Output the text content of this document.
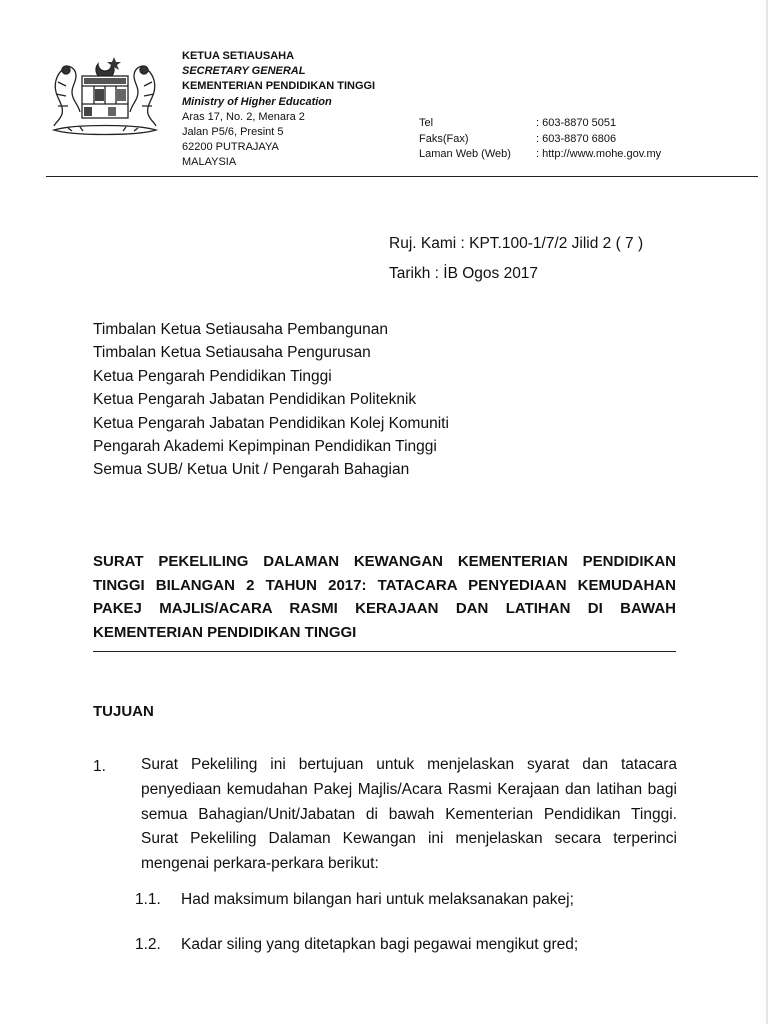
KETUA SETIAUSAHA
SECRETARY GENERAL
KEMENTERIAN PENDIDIKAN TINGGI
Ministry of Higher Education
Aras 17, No. 2, Menara 2
Jalan P5/6, Presint 5
62200 PUTRAJAYA
MALAYSIA
Tel	: 603-8870 5051
Faks(Fax)	: 603-8870 6806
Laman Web (Web)	: http://www.mohe.gov.my
Ruj. Kami : KPT.100-1/7/2 Jilid 2 ( 7 )
Tarikh : İB Ogos 2017
Timbalan Ketua Setiausaha Pembangunan
Timbalan Ketua Setiausaha Pengurusan
Ketua Pengarah Pendidikan Tinggi
Ketua Pengarah Jabatan Pendidikan Politeknik
Ketua Pengarah Jabatan Pendidikan Kolej Komuniti
Pengarah Akademi Kepimpinan Pendidikan Tinggi
Semua SUB/ Ketua Unit / Pengarah Bahagian
SURAT PEKELILING DALAMAN KEWANGAN KEMENTERIAN PENDIDIKAN TINGGI BILANGAN 2 TAHUN 2017: TATACARA PENYEDIAAN KEMUDAHAN PAKEJ MAJLIS/ACARA RASMI KERAJAAN DAN LATIHAN DI BAWAH KEMENTERIAN PENDIDIKAN TINGGI
TUJUAN
1. Surat Pekeliling ini bertujuan untuk menjelaskan syarat dan tatacara penyediaan kemudahan Pakej Majlis/Acara Rasmi Kerajaan dan latihan bagi semua Bahagian/Unit/Jabatan di bawah Kementerian Pendidikan Tinggi. Surat Pekeliling Dalaman Kewangan ini menjelaskan secara terperinci mengenai perkara-perkara berikut:
1.1.	Had maksimum bilangan hari untuk melaksanakan pakej;
1.2.	Kadar siling yang ditetapkan bagi pegawai mengikut gred;
